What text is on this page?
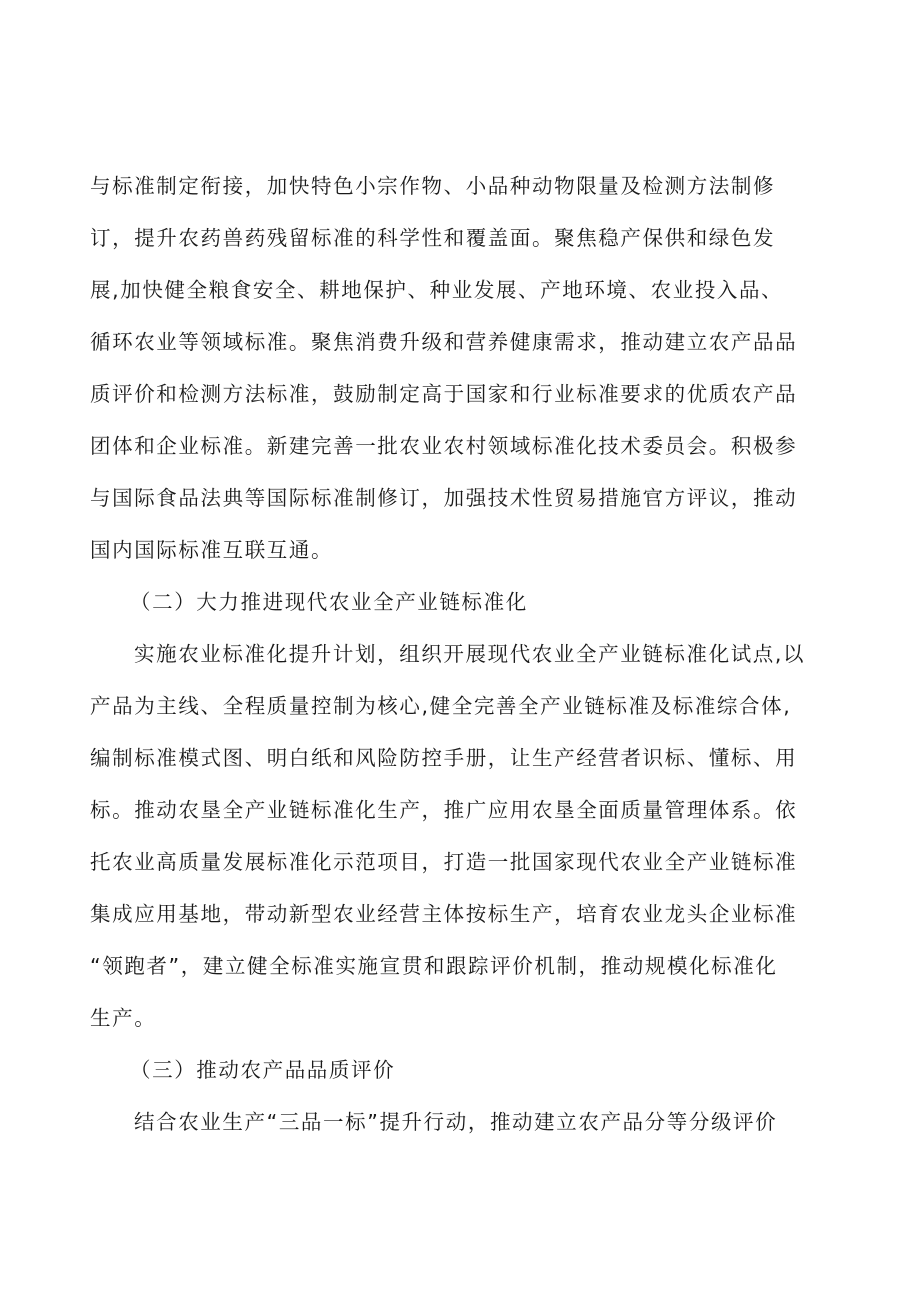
与标准制定衔接，加快特色小宗作物、小品种动物限量及检测方法制修
订，提升农药兽药残留标准的科学性和覆盖面。聚焦稳产保供和绿色发
展,加快健全粮食安全、耕地保护、种业发展、产地环境、农业投入品、
循环农业等领域标准。聚焦消费升级和营养健康需求，推动建立农产品品
质评价和检测方法标准，鼓励制定高于国家和行业标准要求的优质农产品
团体和企业标准。新建完善一批农业农村领域标准化技术委员会。积极参
与国际食品法典等国际标准制修订，加强技术性贸易措施官方评议，推动
国内国际标准互联互通。
（二）大力推进现代农业全产业链标准化
实施农业标准化提升计划，组织开展现代农业全产业链标准化试点,以
产品为主线、全程质量控制为核心,健全完善全产业链标准及标准综合体,
编制标准模式图、明白纸和风险防控手册，让生产经营者识标、懂标、用
标。推动农垦全产业链标准化生产，推广应用农垦全面质量管理体系。依
托农业高质量发展标准化示范项目，打造一批国家现代农业全产业链标准
集成应用基地，带动新型农业经营主体按标生产，培育农业龙头企业标准
“领跑者”，建立健全标准实施宣贯和跟踪评价机制，推动规模化标准化
生产。
（三）推动农产品品质评价
结合农业生产“三品一标”提升行动，推动建立农产品分等分级评价
